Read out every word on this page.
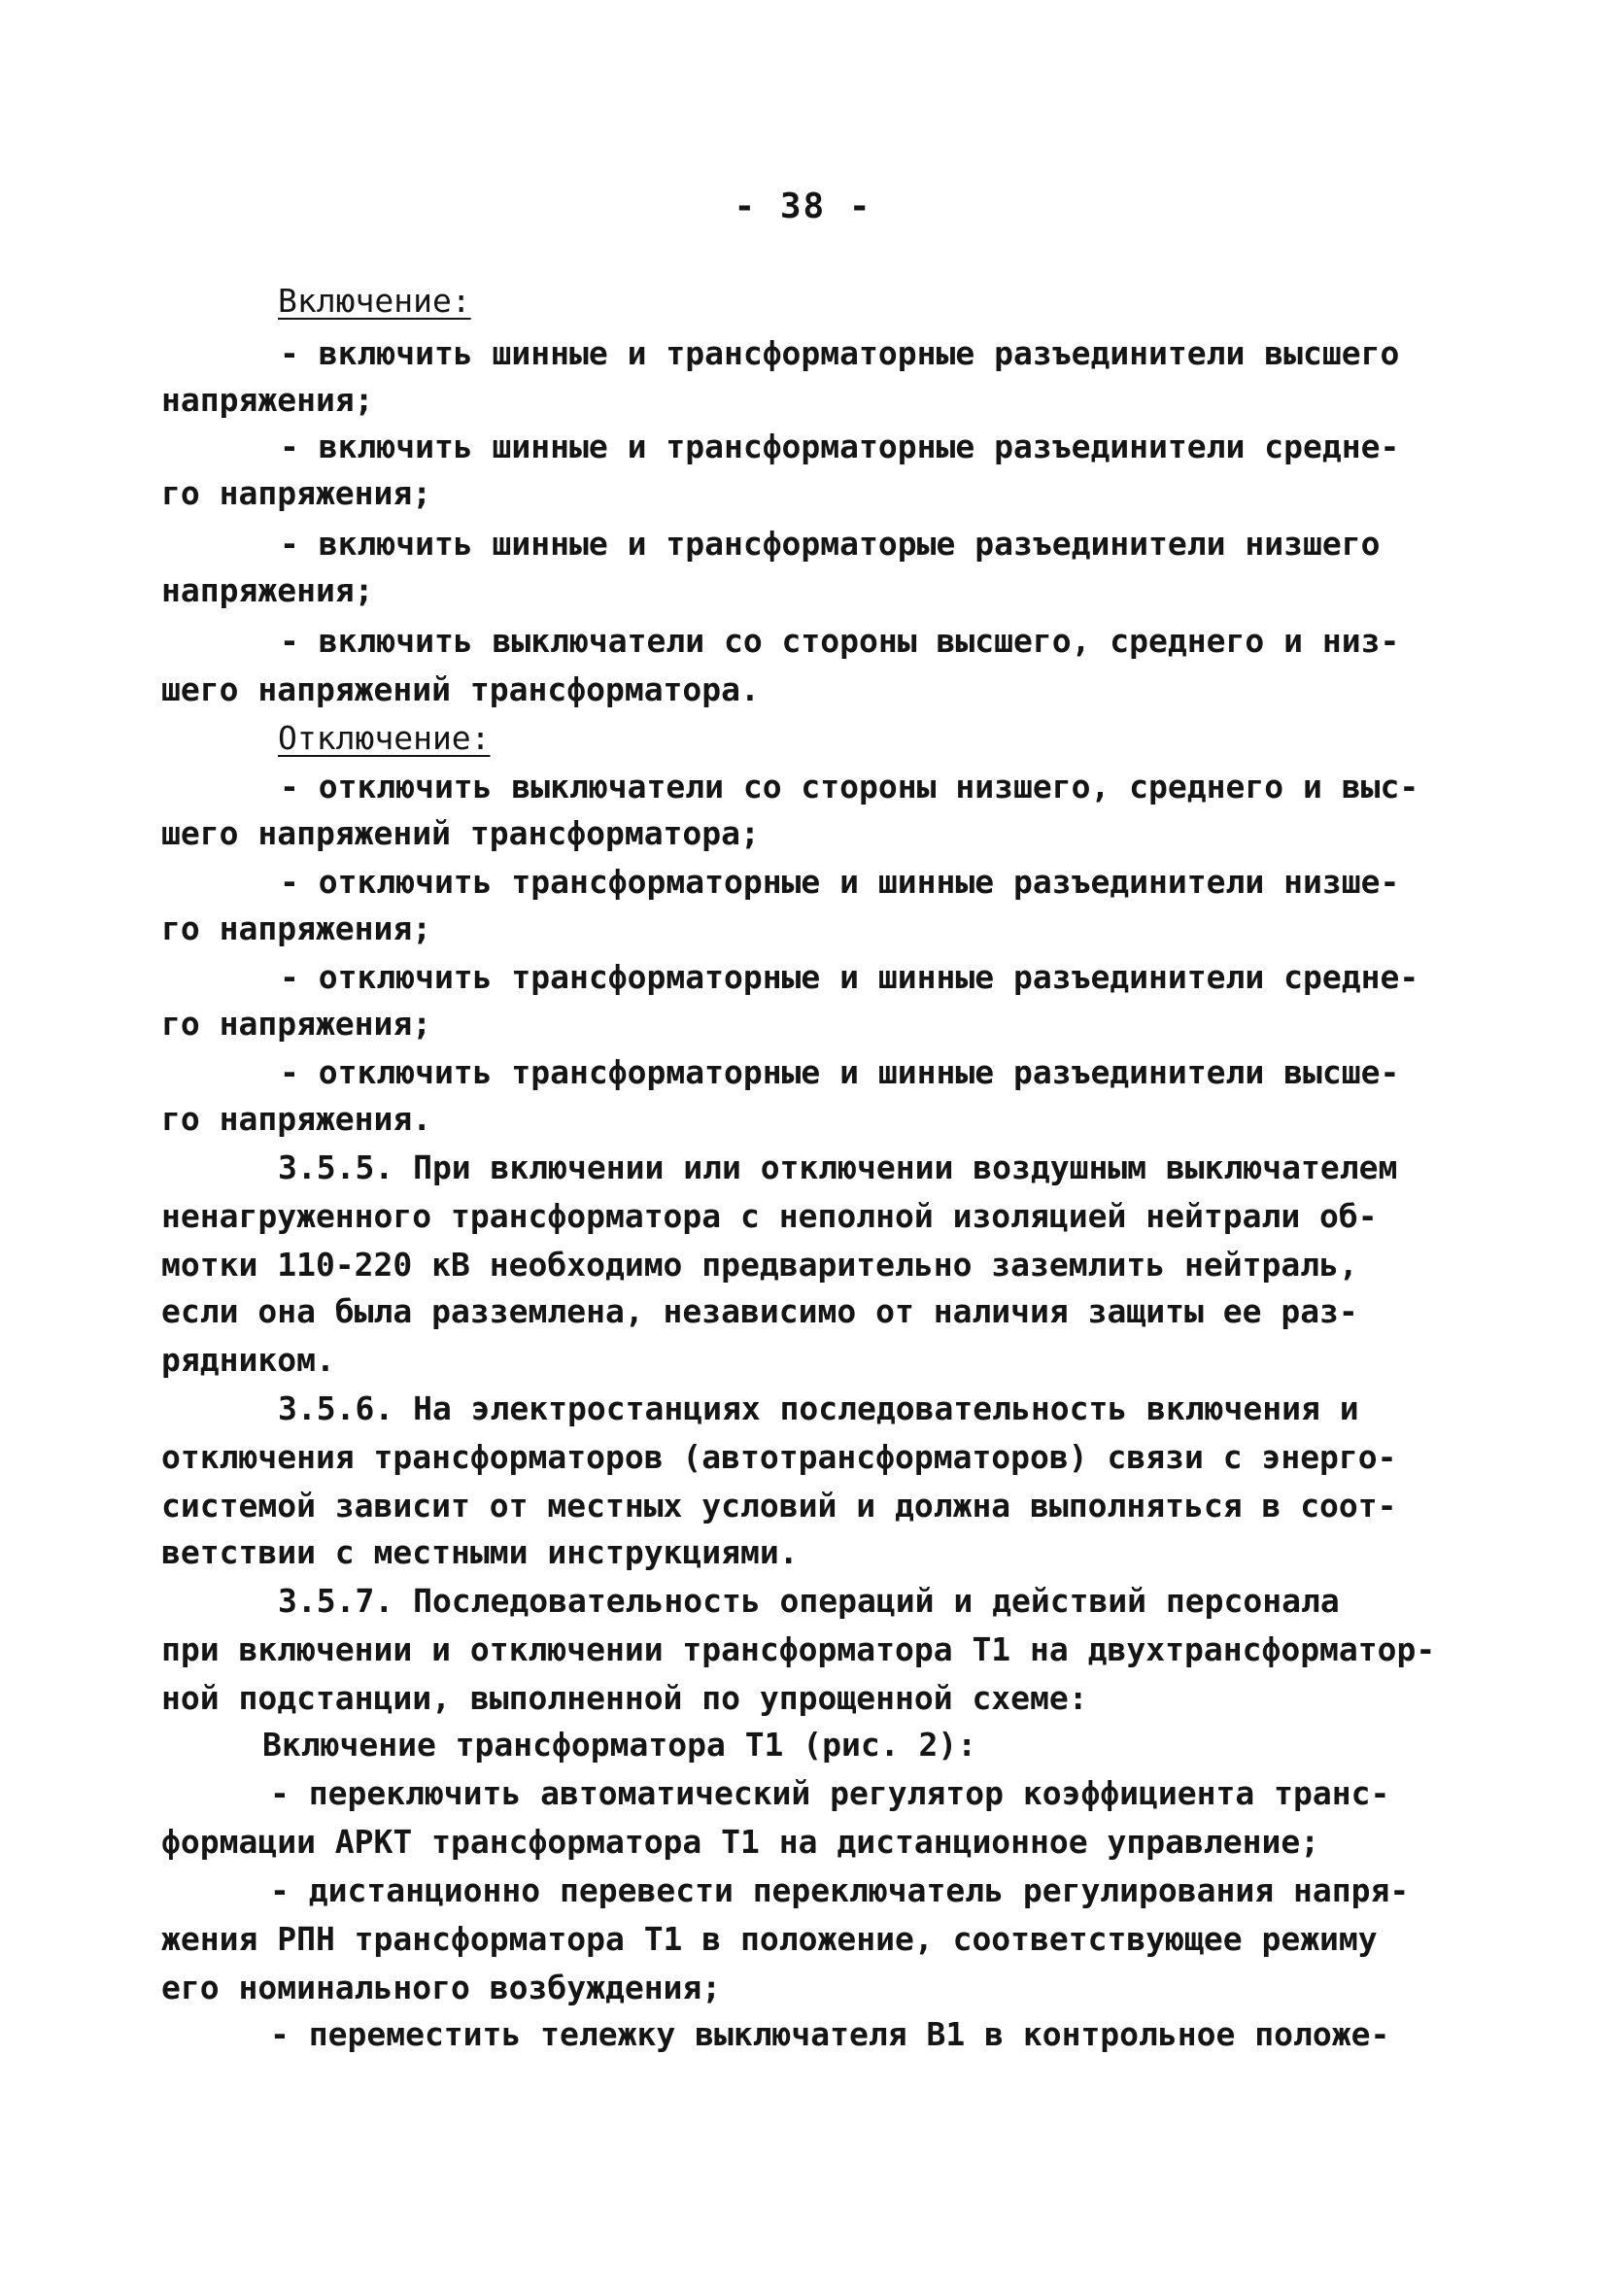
- 38 -
Включение:
- включить шинные и трансформаторные разъединители высшего
напряжения;
- включить шинные и трансформаторные разъединители средне-
го напряжения;
- включить шинные и трансформаторые разъединители низшего
напряжения;
- включить выключатели со стороны высшего, среднего и низ-
шего напряжений трансформатора.
Отключение:
- отключить выключатели со стороны низшего, среднего и выс-
шего напряжений трансформатора;
- отключить трансформаторные и шинные разъединители низше-
го напряжения;
- отключить трансформаторные и шинные разъединители средне-
го напряжения;
- отключить трансформаторные и шинные разъединители высше-
го напряжения.
3.5.5. При включении или отключении воздушным выключателем
ненагруженного трансформатора с неполной изоляцией нейтрали об-
мотки 110-220 кВ необходимо предварительно заземлить нейтраль,
если она была разземлена, независимо от наличия защиты ее раз-
рядником.
3.5.6. На электростанциях последовательность включения и
отключения трансформаторов (автотрансформаторов) связи с энерго-
системой зависит от местных условий и должна выполняться в соот-
ветствии с местными инструкциями.
3.5.7. Последовательность операций и действий персонала
при включении и отключении трансформатора Т1 на двухтрансформатор-
ной подстанции, выполненной по упрощенной схеме:
Включение трансформатора Т1 (рис. 2):
- переключить автоматический регулятор коэффициента транс-
формации АРКТ трансформатора Т1 на дистанционное управление;
- дистанционно перевести переключатель регулирования напря-
жения РПН трансформатора Т1 в положение, соответствующее режиму
его номинального возбуждения;
- переместить тележку выключателя В1 в контрольное положе-
